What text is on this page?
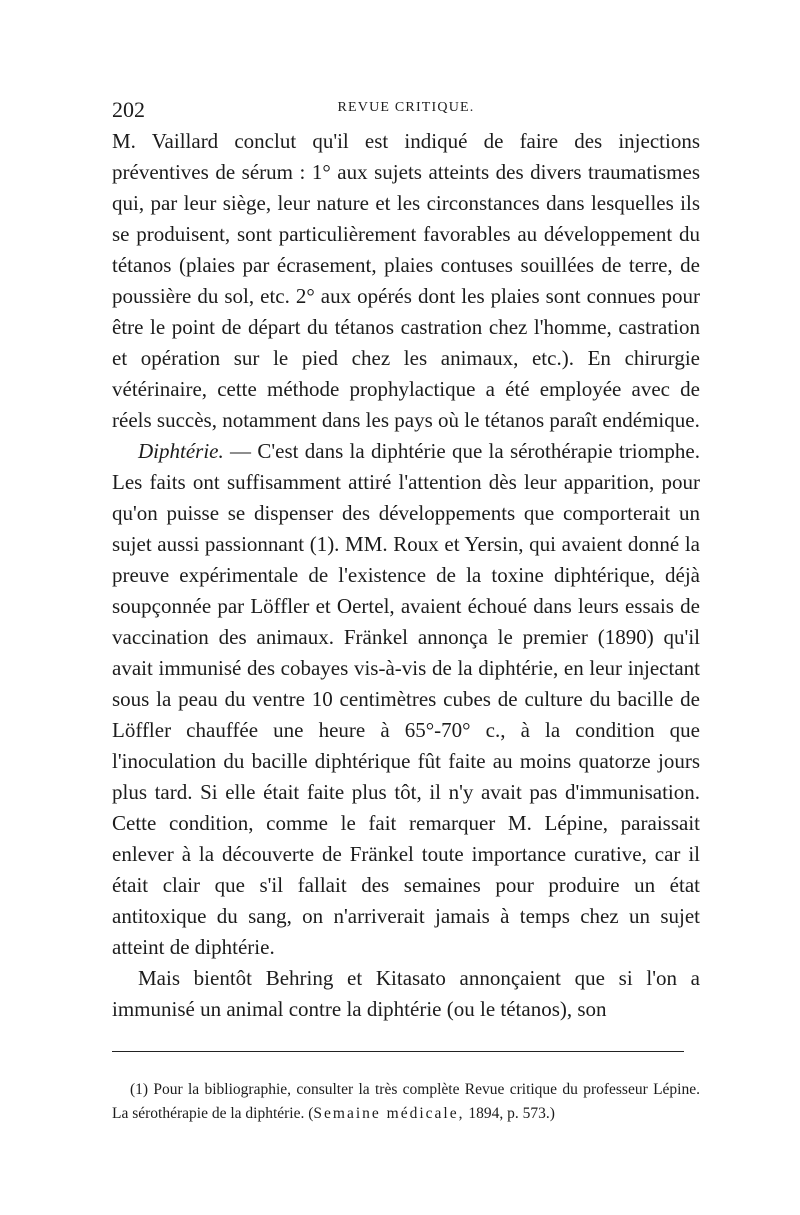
202	REVUE CRITIQUE.

M. Vaillard conclut qu'il est indiqué de faire des injections préventives de sérum : 1° aux sujets atteints des divers traumatismes qui, par leur siège, leur nature et les circonstances dans lesquelles ils se produisent, sont particulièrement favorables au développement du tétanos (plaies par écrasement, plaies contuses souillées de terre, de poussière du sol, etc. 2° aux opérés dont les plaies sont connues pour être le point de départ du tétanos castration chez l'homme, castration et opération sur le pied chez les animaux, etc.). En chirurgie vétérinaire, cette méthode prophylactique a été employée avec de réels succès, notamment dans les pays où le tétanos paraît endémique.

Diphtérie. — C'est dans la diphtérie que la sérothérapie triomphe. Les faits ont suffisamment attiré l'attention dès leur apparition, pour qu'on puisse se dispenser des développements que comporterait un sujet aussi passionnant (1). MM. Roux et Yersin, qui avaient donné la preuve expérimentale de l'existence de la toxine diphtérique, déjà soupçonnée par Löffler et Oertel, avaient échoué dans leurs essais de vaccination des animaux. Fränkel annonça le premier (1890) qu'il avait immunisé des cobayes vis-à-vis de la diphtérie, en leur injectant sous la peau du ventre 10 centimètres cubes de culture du bacille de Löffler chauffée une heure à 65°-70° c., à la condition que l'inoculation du bacille diphtérique fût faite au moins quatorze jours plus tard. Si elle était faite plus tôt, il n'y avait pas d'immunisation. Cette condition, comme le fait remarquer M. Lépine, paraissait enlever à la découverte de Fränkel toute importance curative, car il était clair que s'il fallait des semaines pour produire un état antitoxique du sang, on n'arriverait jamais à temps chez un sujet atteint de diphtérie.

Mais bientôt Behring et Kitasato annonçaient que si l'on a immunisé un animal contre la diphtérie (ou le tétanos), son

(1) Pour la bibliographie, consulter la très complète Revue critique du professeur Lépine. La sérothérapie de la diphtérie. (Semaine médicale, 1894, p. 573.)
